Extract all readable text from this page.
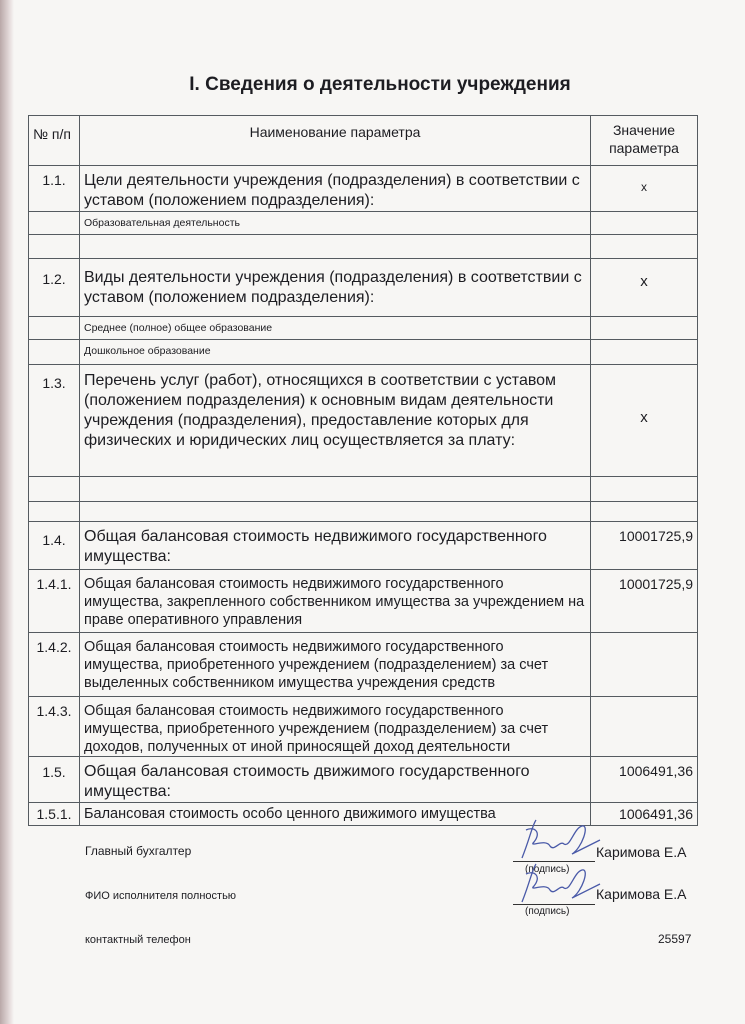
I. Сведения о деятельности учреждения
№ п/п	Наименование параметра	Значение параметра
1.1.	Цели деятельности учреждения (подразделения) в соответствии с уставом (положением подразделения):	x
	Образовательная деятельность	

1.2.	Виды деятельности учреждения (подразделения) в соответствии с уставом (положением подразделения):	x
	Среднее (полное) общее образование	
	Дошкольное образование	
1.3.	Перечень услуг (работ), относящихся в соответствии с уставом (положением подразделения) к основным видам деятельности учреждения (подразделения), предоставление которых для физических и юридических лиц осуществляется за плату:	x

1.4.	Общая балансовая стоимость недвижимого государственного имущества:	10001725,9
1.4.1.	Общая балансовая стоимость недвижимого государственного имущества, закрепленного собственником имущества за учреждением на праве оперативного управления	10001725,9
1.4.2.	Общая балансовая стоимость недвижимого государственного имущества, приобретенного учреждением (подразделением) за счет выделенных собственником имущества учреждения средств	
1.4.3.	Общая балансовая стоимость недвижимого государственного имущества, приобретенного учреждением (подразделением) за счет доходов, полученных от иной приносящей доход деятельности	
1.5.	Общая балансовая стоимость движимого государственного имущества:	1006491,36
1.5.1.	Балансовая стоимость особо ценного движимого имущества	1006491,36
Главный бухгалтер	Каримова Е.А
(подпись)
ФИО исполнителя полностью	Каримова Е.А
(подпись)
контактный телефон	25597
